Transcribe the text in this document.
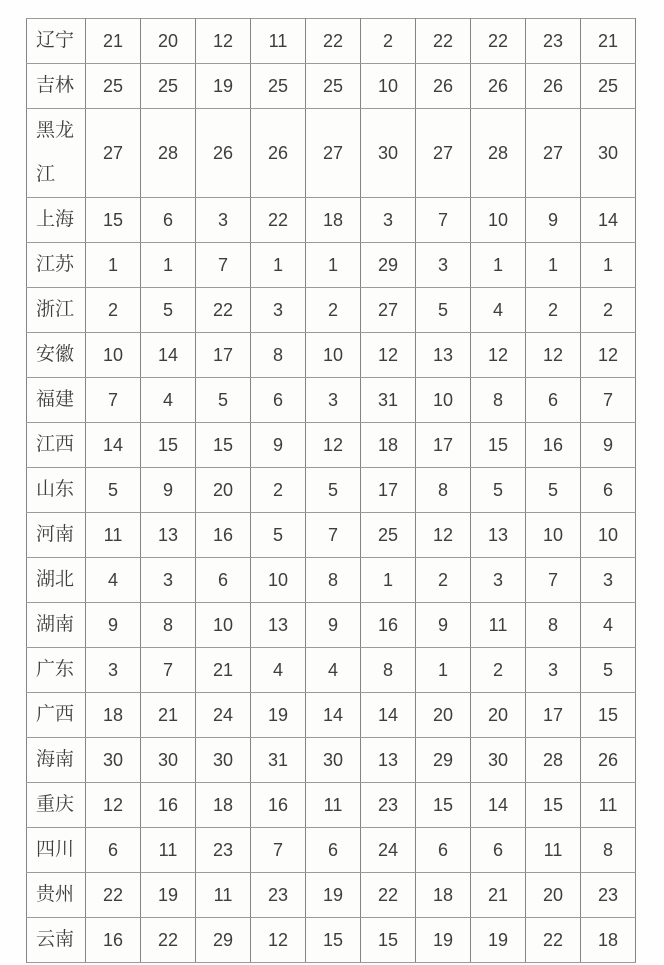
辽宁	21	20	12	11	22	2	22	22	23	21
吉林	25	25	19	25	25	10	26	26	26	25
黑龙江	27	28	26	26	27	30	27	28	27	30
上海	15	6	3	22	18	3	7	10	9	14
江苏	1	1	7	1	1	29	3	1	1	1
浙江	2	5	22	3	2	27	5	4	2	2
安徽	10	14	17	8	10	12	13	12	12	12
福建	7	4	5	6	3	31	10	8	6	7
江西	14	15	15	9	12	18	17	15	16	9
山东	5	9	20	2	5	17	8	5	5	6
河南	11	13	16	5	7	25	12	13	10	10
湖北	4	3	6	10	8	1	2	3	7	3
湖南	9	8	10	13	9	16	9	11	8	4
广东	3	7	21	4	4	8	1	2	3	5
广西	18	21	24	19	14	14	20	20	17	15
海南	30	30	30	31	30	13	29	30	28	26
重庆	12	16	18	16	11	23	15	14	15	11
四川	6	11	23	7	6	24	6	6	11	8
贵州	22	19	11	23	19	22	18	21	20	23
云南	16	22	29	12	15	15	19	19	22	18
